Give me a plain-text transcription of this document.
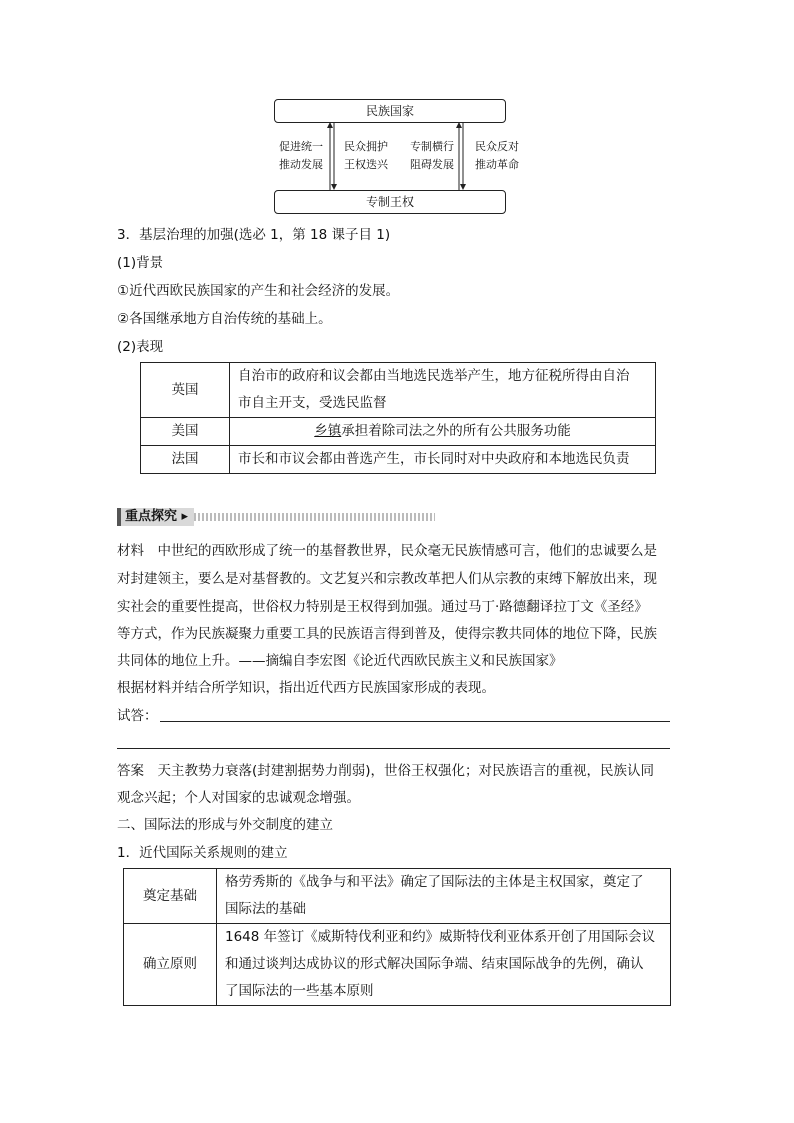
民族国家
专制王权
促进统一
推动发展
民众拥护
王权迭兴
专制横行
阻碍发展
民众反对
推动革命
3．基层治理的加强(选必 1，第 18 课子目 1)
(1)背景
①近代西欧民族国家的产生和社会经济的发展。
②各国继承地方自治传统的基础上。
(2)表现
英国	自治市的政府和议会都由当地选民选举产生，地方征税所得由自治
市自主开支，受选民监督

美国	乡镇承担着除司法之外的所有公共服务功能
法国	市长和市议会都由普选产生，市长同时对中央政府和本地选民负责
重点探究 ▸
材料　中世纪的西欧形成了统一的基督教世界，民众毫无民族情感可言，他们的忠诚要么是
对封建领主，要么是对基督教的。文艺复兴和宗教改革把人们从宗教的束缚下解放出来，现
实社会的重要性提高，世俗权力特别是王权得到加强。通过马丁·路德翻译拉丁文《圣经》
等方式，作为民族凝聚力重要工具的民族语言得到普及，使得宗教共同体的地位下降，民族
共同体的地位上升。——摘编自李宏图《论近代西欧民族主义和民族国家》
根据材料并结合所学知识，指出近代西方民族国家形成的表现。
试答：
答案　天主教势力衰落(封建割据势力削弱)，世俗王权强化；对民族语言的重视，民族认同
观念兴起；个人对国家的忠诚观念增强。
二、国际法的形成与外交制度的建立
1．近代国际关系规则的建立
奠定基础	格劳秀斯的《战争与和平法》确定了国际法的主体是主权国家，奠定了
国际法的基础

确立原则	1648 年签订《威斯特伐利亚和约》威斯特伐利亚体系开创了用国际会议
和通过谈判达成协议的形式解决国际争端、结束国际战争的先例，确认
了国际法的一些基本原则
